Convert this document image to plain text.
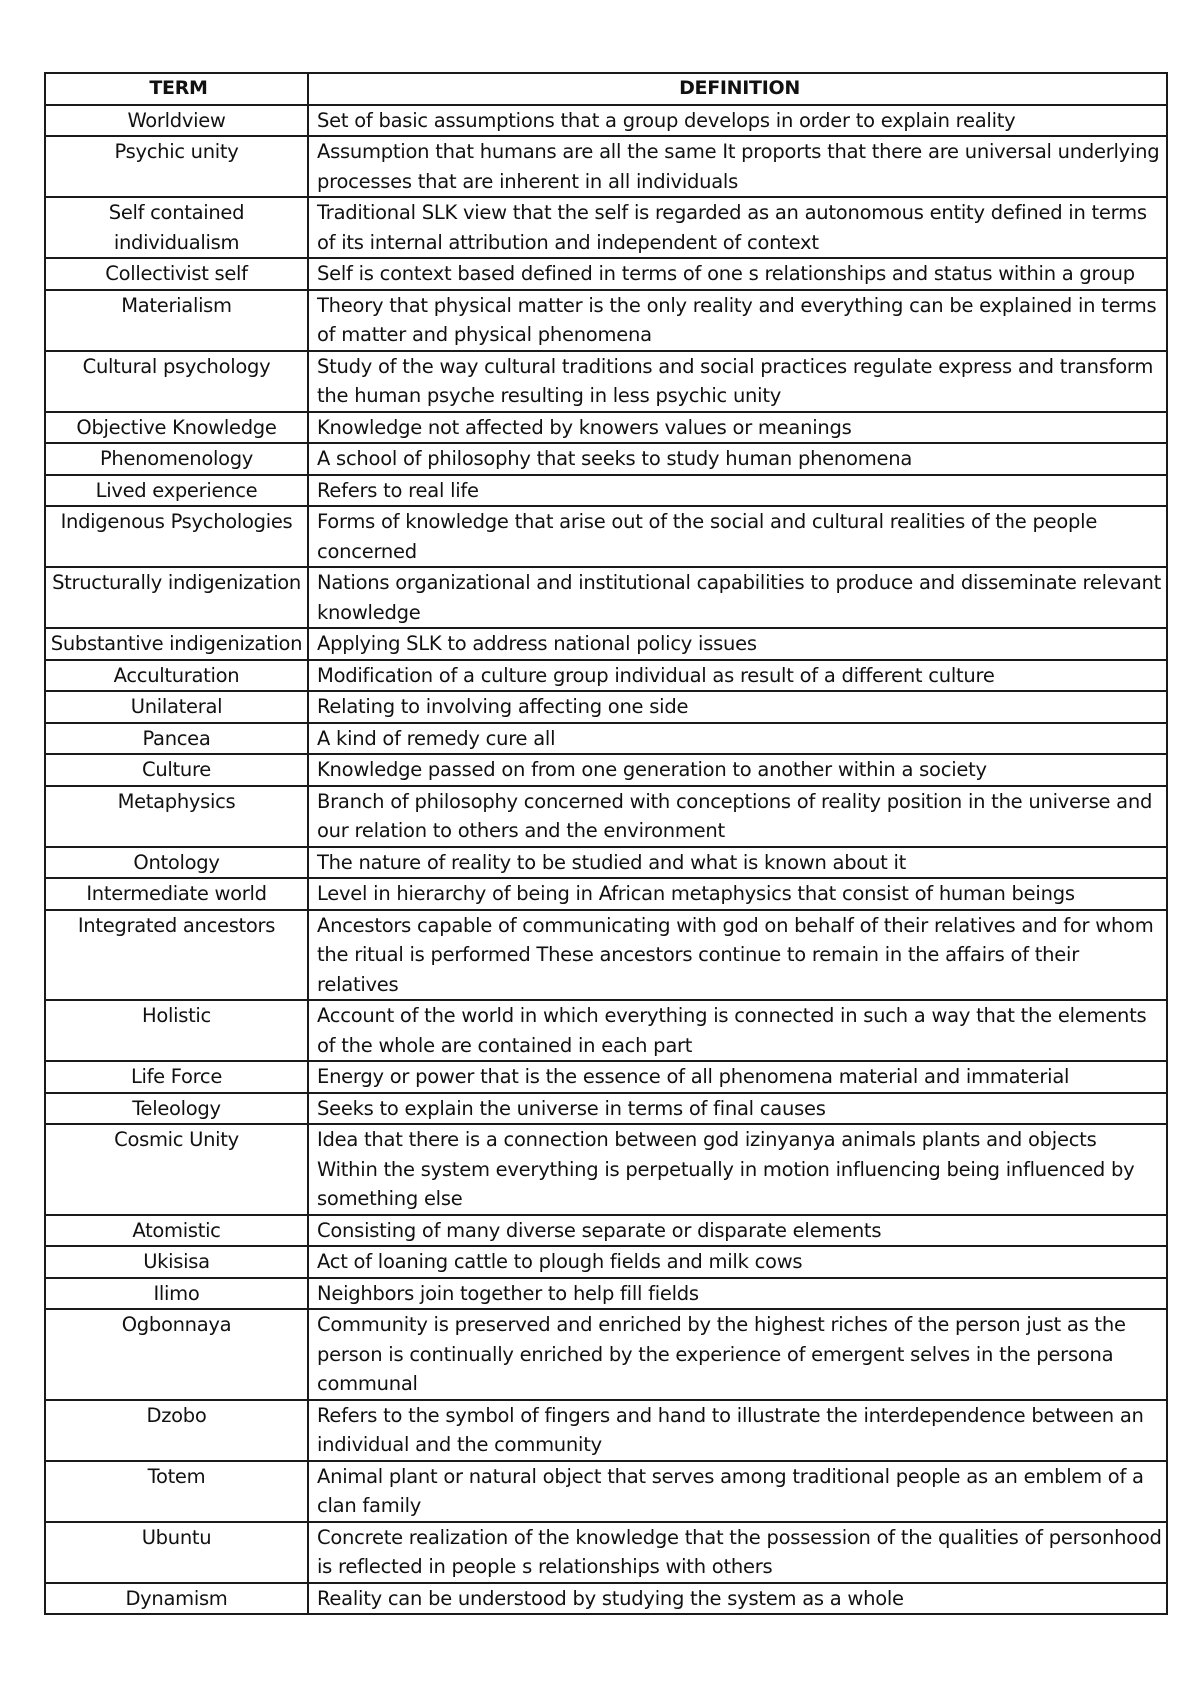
TERM	DEFINITION
Worldview	Set of basic assumptions that a group develops in order to explain reality
Psychic unity	Assumption that humans are all the same It proports that there are universal underlying processes that are inherent in all individuals
Self contained individualism	Traditional SLK view that the self is regarded as an autonomous entity defined in terms of its internal attribution and independent of context
Collectivist self	Self is context based defined in terms of one s relationships and status within a group
Materialism	Theory that physical matter is the only reality and everything can be explained in terms of matter and physical phenomena
Cultural psychology	Study of the way cultural traditions and social practices regulate express and transform the human psyche resulting in less psychic unity
Objective Knowledge	Knowledge not affected by knowers values or meanings
Phenomenology	A school of philosophy that seeks to study human phenomena
Lived experience	Refers to real life
Indigenous Psychologies	Forms of knowledge that arise out of the social and cultural realities of the people concerned
Structurally indigenization	Nations organizational and institutional capabilities to produce and disseminate relevant knowledge
Substantive indigenization	Applying SLK to address national policy issues
Acculturation	Modification of a culture group individual as result of a different culture
Unilateral	Relating to involving affecting one side
Pancea	A kind of remedy cure all
Culture	Knowledge passed on from one generation to another within a society
Metaphysics	Branch of philosophy concerned with conceptions of reality position in the universe and our relation to others and the environment
Ontology	The nature of reality to be studied and what is known about it
Intermediate world	Level in hierarchy of being in African metaphysics that consist of human beings
Integrated ancestors	Ancestors capable of communicating with god on behalf of their relatives and for whom the ritual is performed These ancestors continue to remain in the affairs of their relatives
Holistic	Account of the world in which everything is connected in such a way that the elements of the whole are contained in each part
Life Force	Energy or power that is the essence of all phenomena material and immaterial
Teleology	Seeks to explain the universe in terms of final causes
Cosmic Unity	Idea that there is a connection between god izinyanya animals plants and objects Within the system everything is perpetually in motion influencing being influenced by something else
Atomistic	Consisting of many diverse separate or disparate elements
Ukisisa	Act of loaning cattle to plough fields and milk cows
Ilimo	Neighbors join together to help fill fields
Ogbonnaya	Community is preserved and enriched by the highest riches of the person just as the person is continually enriched by the experience of emergent selves in the persona communal
Dzobo	Refers to the symbol of fingers and hand to illustrate the interdependence between an individual and the community
Totem	Animal plant or natural object that serves among traditional people as an emblem of a clan family
Ubuntu	Concrete realization of the knowledge that the possession of the qualities of personhood is reflected in people s relationships with others
Dynamism	Reality can be understood by studying the system as a whole
